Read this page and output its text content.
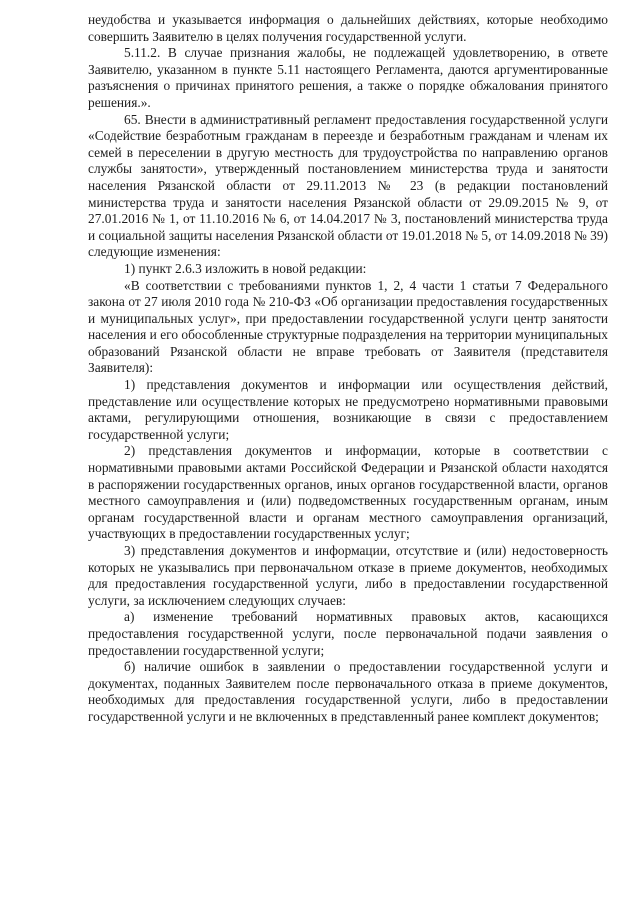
неудобства и указывается информация о дальнейших действиях, которые необходимо совершить Заявителю в целях получения государственной услуги.

5.11.2. В случае признания жалобы, не подлежащей удовлетворению, в ответе Заявителю, указанном в пункте 5.11 настоящего Регламента, даются аргументированные разъяснения о причинах принятого решения, а также о порядке обжалования принятого решения.».

65. Внести в административный регламент предоставления государственной услуги «Содействие безработным гражданам в переезде и безработным гражданам и членам их семей в переселении в другую местность для трудоустройства по направлению органов службы занятости», утвержденный постановлением министерства труда и занятости населения Рязанской области от 29.11.2013 № 23 (в редакции постановлений министерства труда и занятости населения Рязанской области от 29.09.2015 № 9, от 27.01.2016 № 1, от 11.10.2016 № 6, от 14.04.2017 № 3, постановлений министерства труда и социальной защиты населения Рязанской области от 19.01.2018 № 5, от 14.09.2018 № 39) следующие изменения:

1) пункт 2.6.3 изложить в новой редакции:

«В соответствии с требованиями пунктов 1, 2, 4 части 1 статьи 7 Федерального закона от 27 июля 2010 года № 210-ФЗ «Об организации предоставления государственных и муниципальных услуг», при предоставлении государственной услуги центр занятости населения и его обособленные структурные подразделения на территории муниципальных образований Рязанской области не вправе требовать от Заявителя (представителя Заявителя):

1) представления документов и информации или осуществления действий, представление или осуществление которых не предусмотрено нормативными правовыми актами, регулирующими отношения, возникающие в связи с предоставлением государственной услуги;

2) представления документов и информации, которые в соответствии с нормативными правовыми актами Российской Федерации и Рязанской области находятся в распоряжении государственных органов, иных органов государственной власти, органов местного самоуправления и (или) подведомственных государственным органам, иным органам государственной власти и органам местного самоуправления организаций, участвующих в предоставлении государственных услуг;

3) представления документов и информации, отсутствие и (или) недостоверность которых не указывались при первоначальном отказе в приеме документов, необходимых для предоставления государственной услуги, либо в предоставлении государственной услуги, за исключением следующих случаев:

а) изменение требований нормативных правовых актов, касающихся предоставления государственной услуги, после первоначальной подачи заявления о предоставлении государственной услуги;

б) наличие ошибок в заявлении о предоставлении государственной услуги и документах, поданных Заявителем после первоначального отказа в приеме документов, необходимых для предоставления государственной услуги, либо в предоставлении государственной услуги и не включенных в представленный ранее комплект документов;
